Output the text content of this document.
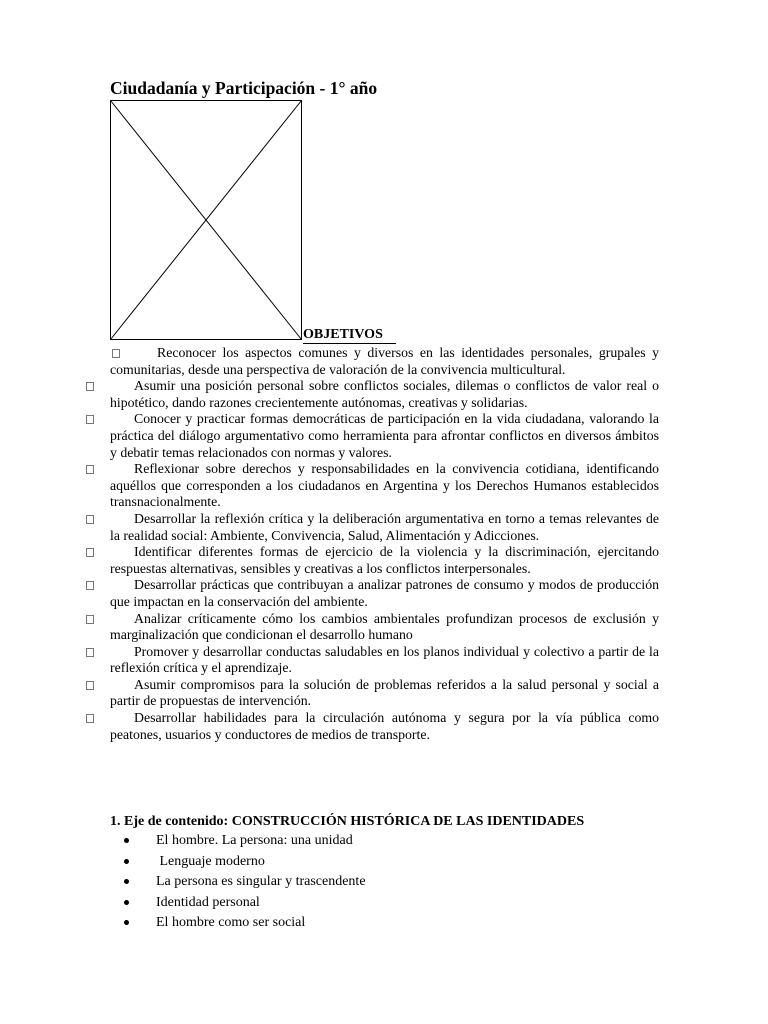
Ciudadanía y Participación - 1° año

OBJETIVOS

Reconocer los aspectos comunes y diversos en las identidades personales, grupales y comunitarias, desde una perspectiva de valoración de la convivencia multicultural.
Asumir una posición personal sobre conflictos sociales, dilemas o conflictos de valor real o hipotético, dando razones crecientemente autónomas, creativas y solidarias.
Conocer y practicar formas democráticas de participación en la vida ciudadana, valorando la práctica del diálogo argumentativo como herramienta para afrontar conflictos en diversos ámbitos y debatir temas relacionados con normas y valores.
Reflexionar sobre derechos y responsabilidades en la convivencia cotidiana, identificando aquéllos que corresponden a los ciudadanos en Argentina y los Derechos Humanos establecidos transnacionalmente.
Desarrollar la reflexión crítica y la deliberación argumentativa en torno a temas relevantes de la realidad social: Ambiente, Convivencia, Salud, Alimentación y Adicciones.
Identificar diferentes formas de ejercicio de la violencia y la discriminación, ejercitando respuestas alternativas, sensibles y creativas a los conflictos interpersonales.
Desarrollar prácticas que contribuyan a analizar patrones de consumo y modos de producción que impactan en la conservación del ambiente.
Analizar críticamente cómo los cambios ambientales profundizan procesos de exclusión y marginalización que condicionan el desarrollo humano
Promover y desarrollar conductas saludables en los planos individual y colectivo a partir de la reflexión crítica y el aprendizaje.
Asumir compromisos para la solución de problemas referidos a la salud personal y social a partir de propuestas de intervención.
Desarrollar habilidades para la circulación autónoma y segura por la vía pública como peatones, usuarios y conductores de medios de transporte.

1. Eje de contenido: CONSTRUCCIÓN HISTÓRICA DE LAS IDENTIDADES

El hombre. La persona: una unidad
Lenguaje moderno
La persona es singular y trascendente
Identidad personal
El hombre como ser social
